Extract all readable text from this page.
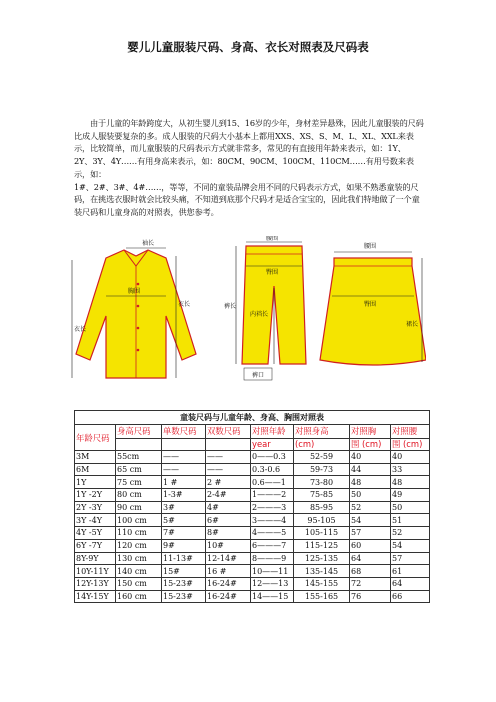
婴儿儿童服装尺码、身高、衣长对照表及尺码表

由于儿童的年龄跨度大，从初生婴儿到15、16岁的少年，身材差异悬殊，因此儿童服装的尺码比成人服装要复杂的多。成人服装的尺码大小基本上都用XXS、XS、S、M、L、XL、XXL来表示，比较简单，而儿童服装的尺码表示方式就非常多，常见的有直接用年龄来表示，如：1Y、2Y、3Y、4Y……有用身高来表示，如：80CM、90CM、100CM、110CM……有用号数来表示，如：

1#、2#、3#、4#……，等等，不同的童装品牌会用不同的尺码表示方式，如果不熟悉童装的尺码，在挑选衣服时就会比较头痛，不知道到底那个尺码才是适合宝宝的，因此我们特地做了一个童装尺码和儿童身高的对照表，供您参考。

袖长
胸围
衣长
衣长
腰围
臀围
裤长
内裆长
裤口
腰围
臀围
裙长
童装尺码与儿童年龄、身高、胸围对照表							
年龄尺码	身高尺码	单数尺码	双数尺码	对照年龄	对照身高	对照胸	对照腰
				year	(cm)	围 (cm)	围 (cm)
3M	55cm	——	——	0——0.3	52-59	40	40
6M	65 cm	——	——	0.3-0.6	59-73	44	33
1Y	75 cm	1 #	2 #	0.6——1	73-80	48	48
1Y -2Y	80 cm	1-3#	2-4#	1———2	75-85	50	49
2Y -3Y	90 cm	3#	4#	2———3	85-95	52	50
3Y -4Y	100 cm	5#	6#	3———4	95-105	54	51
4Y -5Y	110 cm	7#	8#	4———5	105-115	57	52
6Y -7Y	120 cm	9#	10#	6———7	115-125	60	54
8Y-9Y	130 cm	11-13#	12-14#	8———9	125-135	64	57
10Y-11Y	140 cm	15#	16 #	10——11	135-145	68	61
12Y-13Y	150 cm	15-23#	16-24#	12——13	145-155	72	64
14Y-15Y	160 cm	15-23#	16-24#	14——15	155-165	76	66
